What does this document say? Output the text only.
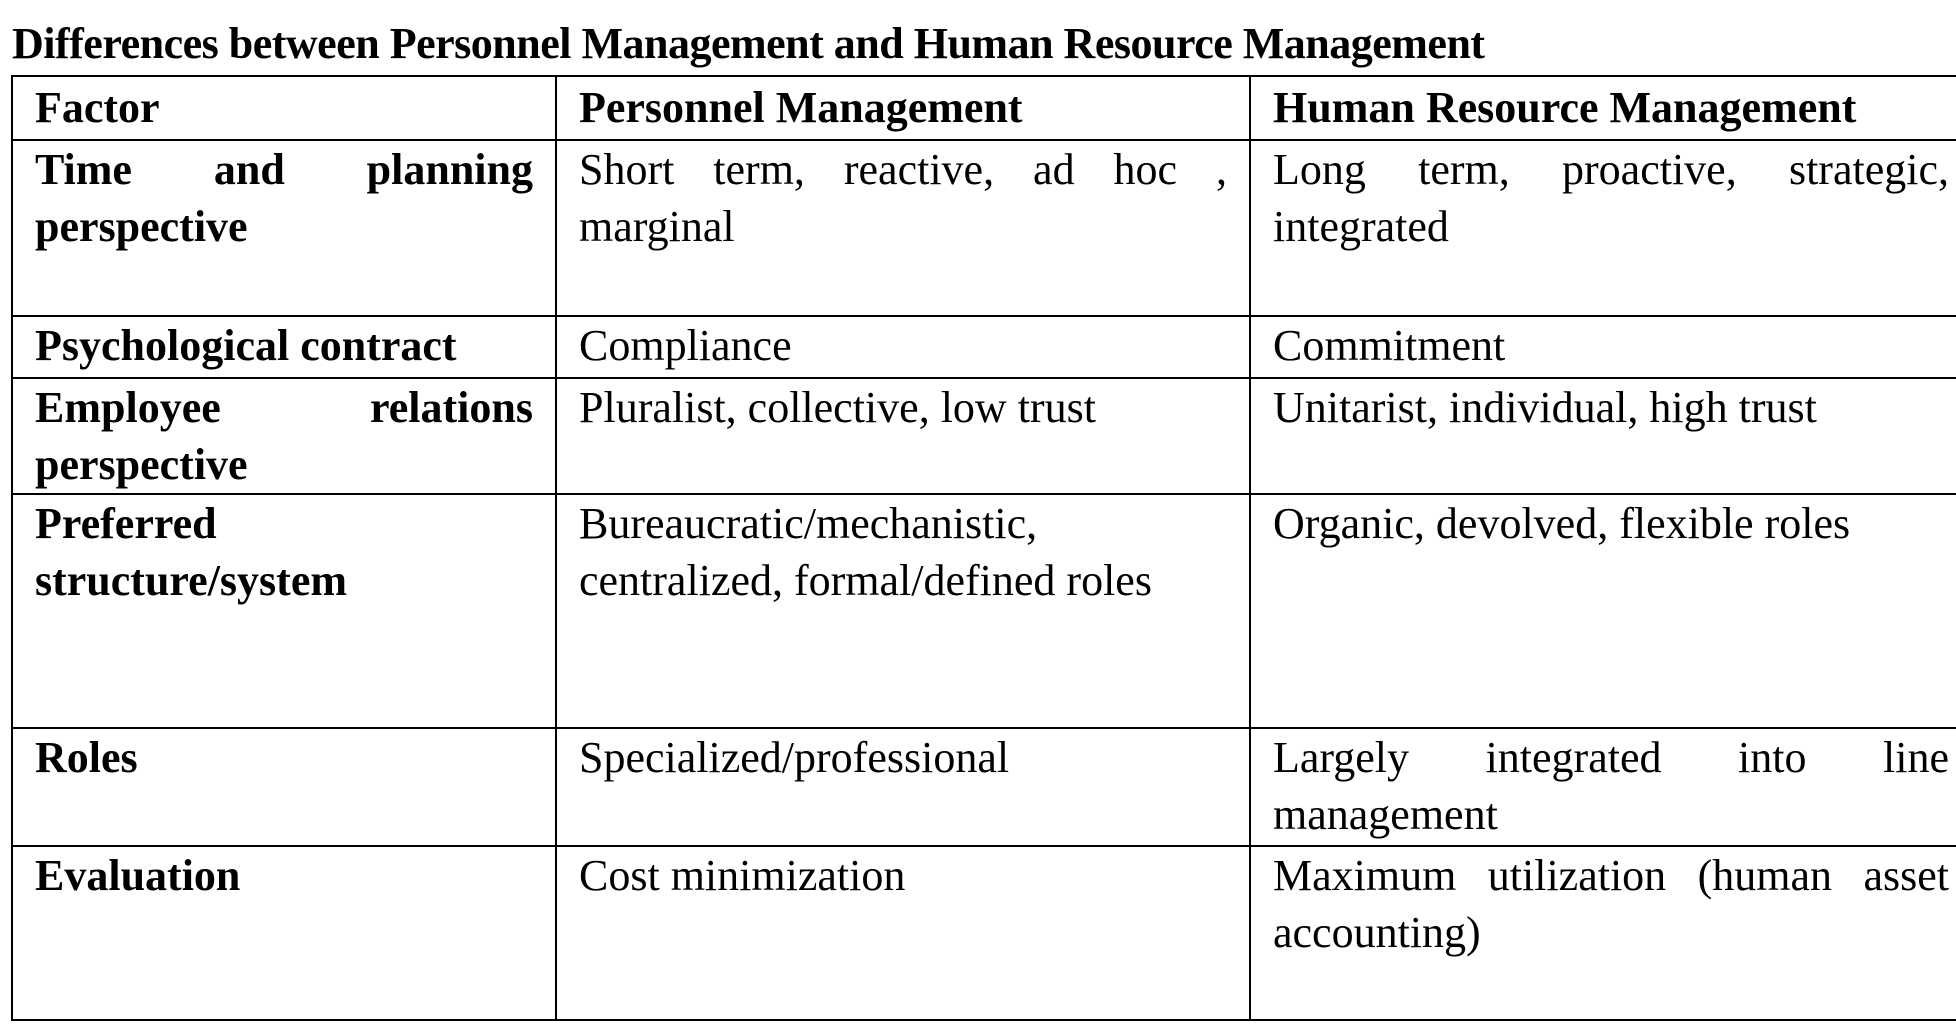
Differences between Personnel Management and Human Resource Management
Factor	Personnel Management	Human Resource Management
Time and planning perspective	Short term, reactive, ad hoc , marginal	Long term, proactive, strategic, integrated
Psychological contract	Compliance	Commitment
Employee relations perspective	Pluralist, collective, low trust	Unitarist, individual, high trust
Preferred structure/system	Bureaucratic/mechanistic, centralized, formal/defined roles	Organic, devolved, flexible roles
Roles	Specialized/professional	Largely integrated into line management
Evaluation	Cost minimization	Maximum utilization (human asset accounting)
